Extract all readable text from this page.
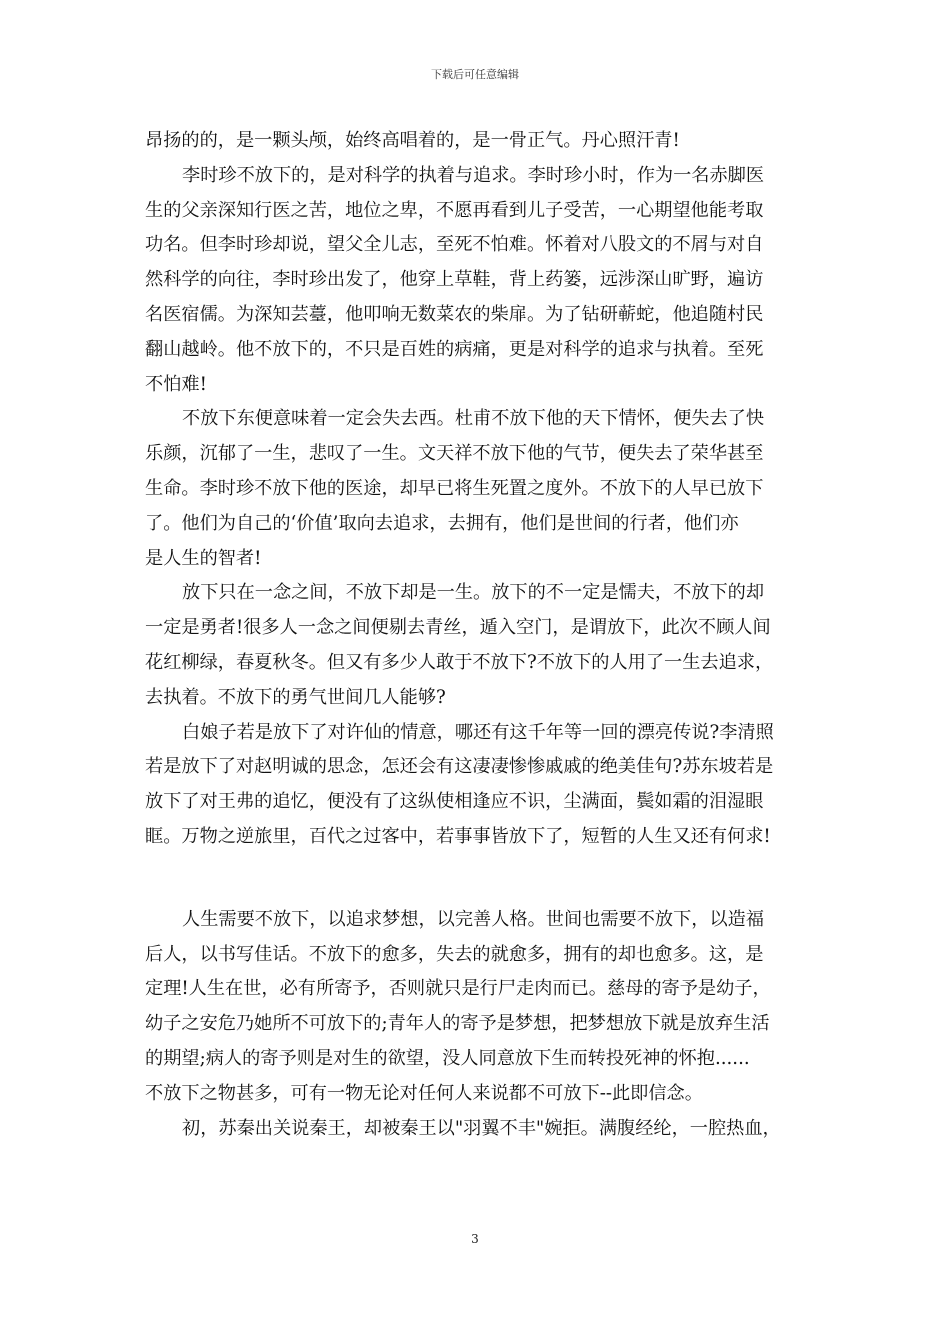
下载后可任意编辑
昂扬的的，是一颗头颅，始终高唱着的，是一骨正气。丹心照汗青!
李时珍不放下的，是对科学的执着与追求。李时珍小时，作为一名赤脚医
生的父亲深知行医之苦，地位之卑，不愿再看到儿子受苦，一心期望他能考取
功名。但李时珍却说，望父全儿志，至死不怕难。怀着对八股文的不屑与对自
然科学的向往，李时珍出发了，他穿上草鞋，背上药篓，远涉深山旷野，遍访
名医宿儒。为深知芸薹，他叩响无数菜农的柴扉。为了钻研蕲蛇，他追随村民
翻山越岭。他不放下的，不只是百姓的病痛，更是对科学的追求与执着。至死
不怕难!
不放下东便意味着一定会失去西。杜甫不放下他的天下情怀，便失去了快
乐颜，沉郁了一生，悲叹了一生。文天祥不放下他的气节，便失去了荣华甚至
生命。李时珍不放下他的医途，却早已将生死置之度外。不放下的人早已放下
了。他们为自己的‘价值’取向去追求，去拥有，他们是世间的行者，他们亦
是人生的智者!
放下只在一念之间，不放下却是一生。放下的不一定是懦夫，不放下的却
一定是勇者!很多人一念之间便剔去青丝，遁入空门，是谓放下，此次不顾人间
花红柳绿，春夏秋冬。但又有多少人敢于不放下?不放下的人用了一生去追求，
去执着。不放下的勇气世间几人能够?
白娘子若是放下了对许仙的情意，哪还有这千年等一回的漂亮传说?李清照
若是放下了对赵明诚的思念，怎还会有这凄凄惨惨戚戚的绝美佳句?苏东坡若是
放下了对王弗的追忆，便没有了这纵使相逢应不识，尘满面，鬓如霜的泪湿眼
眶。万物之逆旅里，百代之过客中，若事事皆放下了，短暂的人生又还有何求!
人生需要不放下，以追求梦想，以完善人格。世间也需要不放下，以造福
后人，以书写佳话。不放下的愈多，失去的就愈多，拥有的却也愈多。这，是
定理!人生在世，必有所寄予，否则就只是行尸走肉而已。慈母的寄予是幼子，
幼子之安危乃她所不可放下的;青年人的寄予是梦想，把梦想放下就是放弃生活
的期望;病人的寄予则是对生的欲望，没人同意放下生而转投死神的怀抱......
不放下之物甚多，可有一物无论对任何人来说都不可放下--此即信念。
初，苏秦出关说秦王，却被秦王以"羽翼不丰"婉拒。满腹经纶，一腔热血，
3
